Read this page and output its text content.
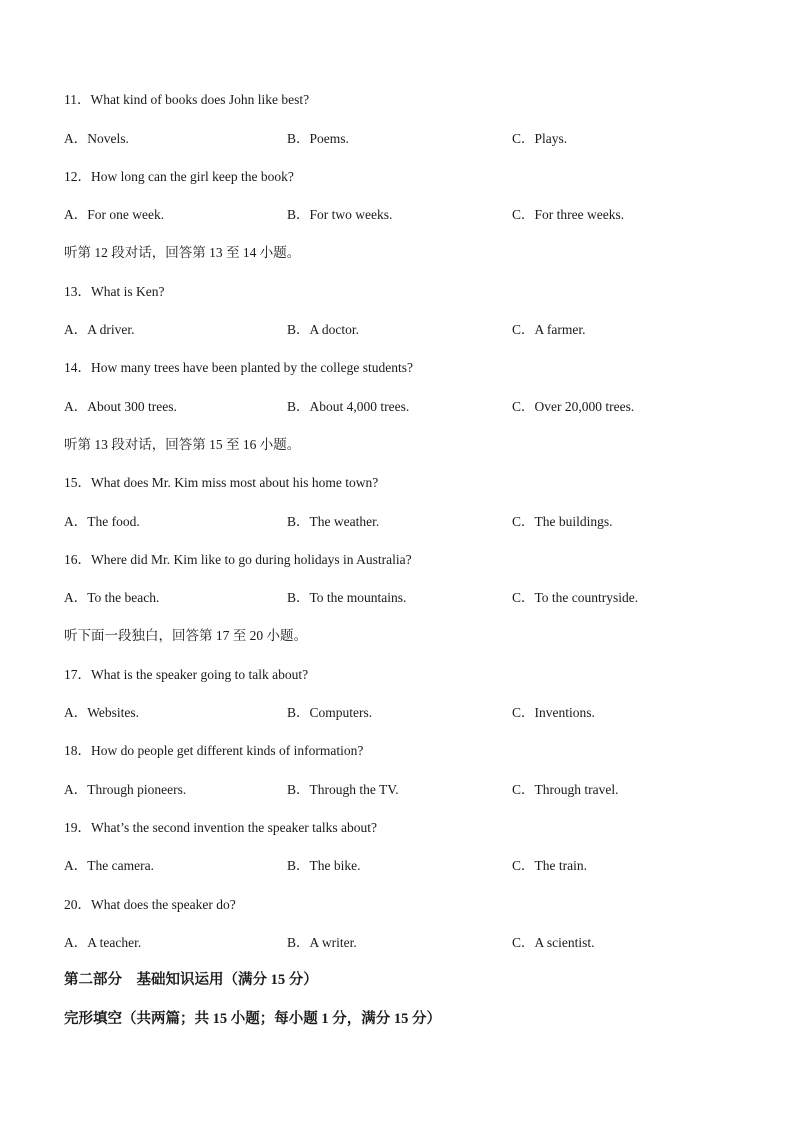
11．What kind of books does John like best?
A．Novels.	B．Poems.	C．Plays.
12．How long can the girl keep the book?
A．For one week.	B．For two weeks.	C．For three weeks.
听第 12 段对话，回答第 13 至 14 小题。
13．What is Ken?
A．A driver.	B．A doctor.	C．A farmer.
14．How many trees have been planted by the college students?
A．About 300 trees.	B．About 4,000 trees.	C．Over 20,000 trees.
听第 13 段对话，回答第 15 至 16 小题。
15．What does Mr. Kim miss most about his home town?
A．The food.	B．The weather.	C．The buildings.
16．Where did Mr. Kim like to go during holidays in Australia?
A．To the beach.	B．To the mountains.	C．To the countryside.
听下面一段独白，回答第 17 至 20 小题。
17．What is the speaker going to talk about?
A．Websites.	B．Computers.	C．Inventions.
18．How do people get different kinds of information?
A．Through pioneers.	B．Through the TV.	C．Through travel.
19．What’s the second invention the speaker talks about?
A．The camera.	B．The bike.	C．The train.
20．What does the speaker do?
A．A teacher.	B．A writer.	C．A scientist.
第二部分　基础知识运用（满分 15 分）
完形填空（共两篇；共 15 小题；每小题 1 分，满分 15 分）
